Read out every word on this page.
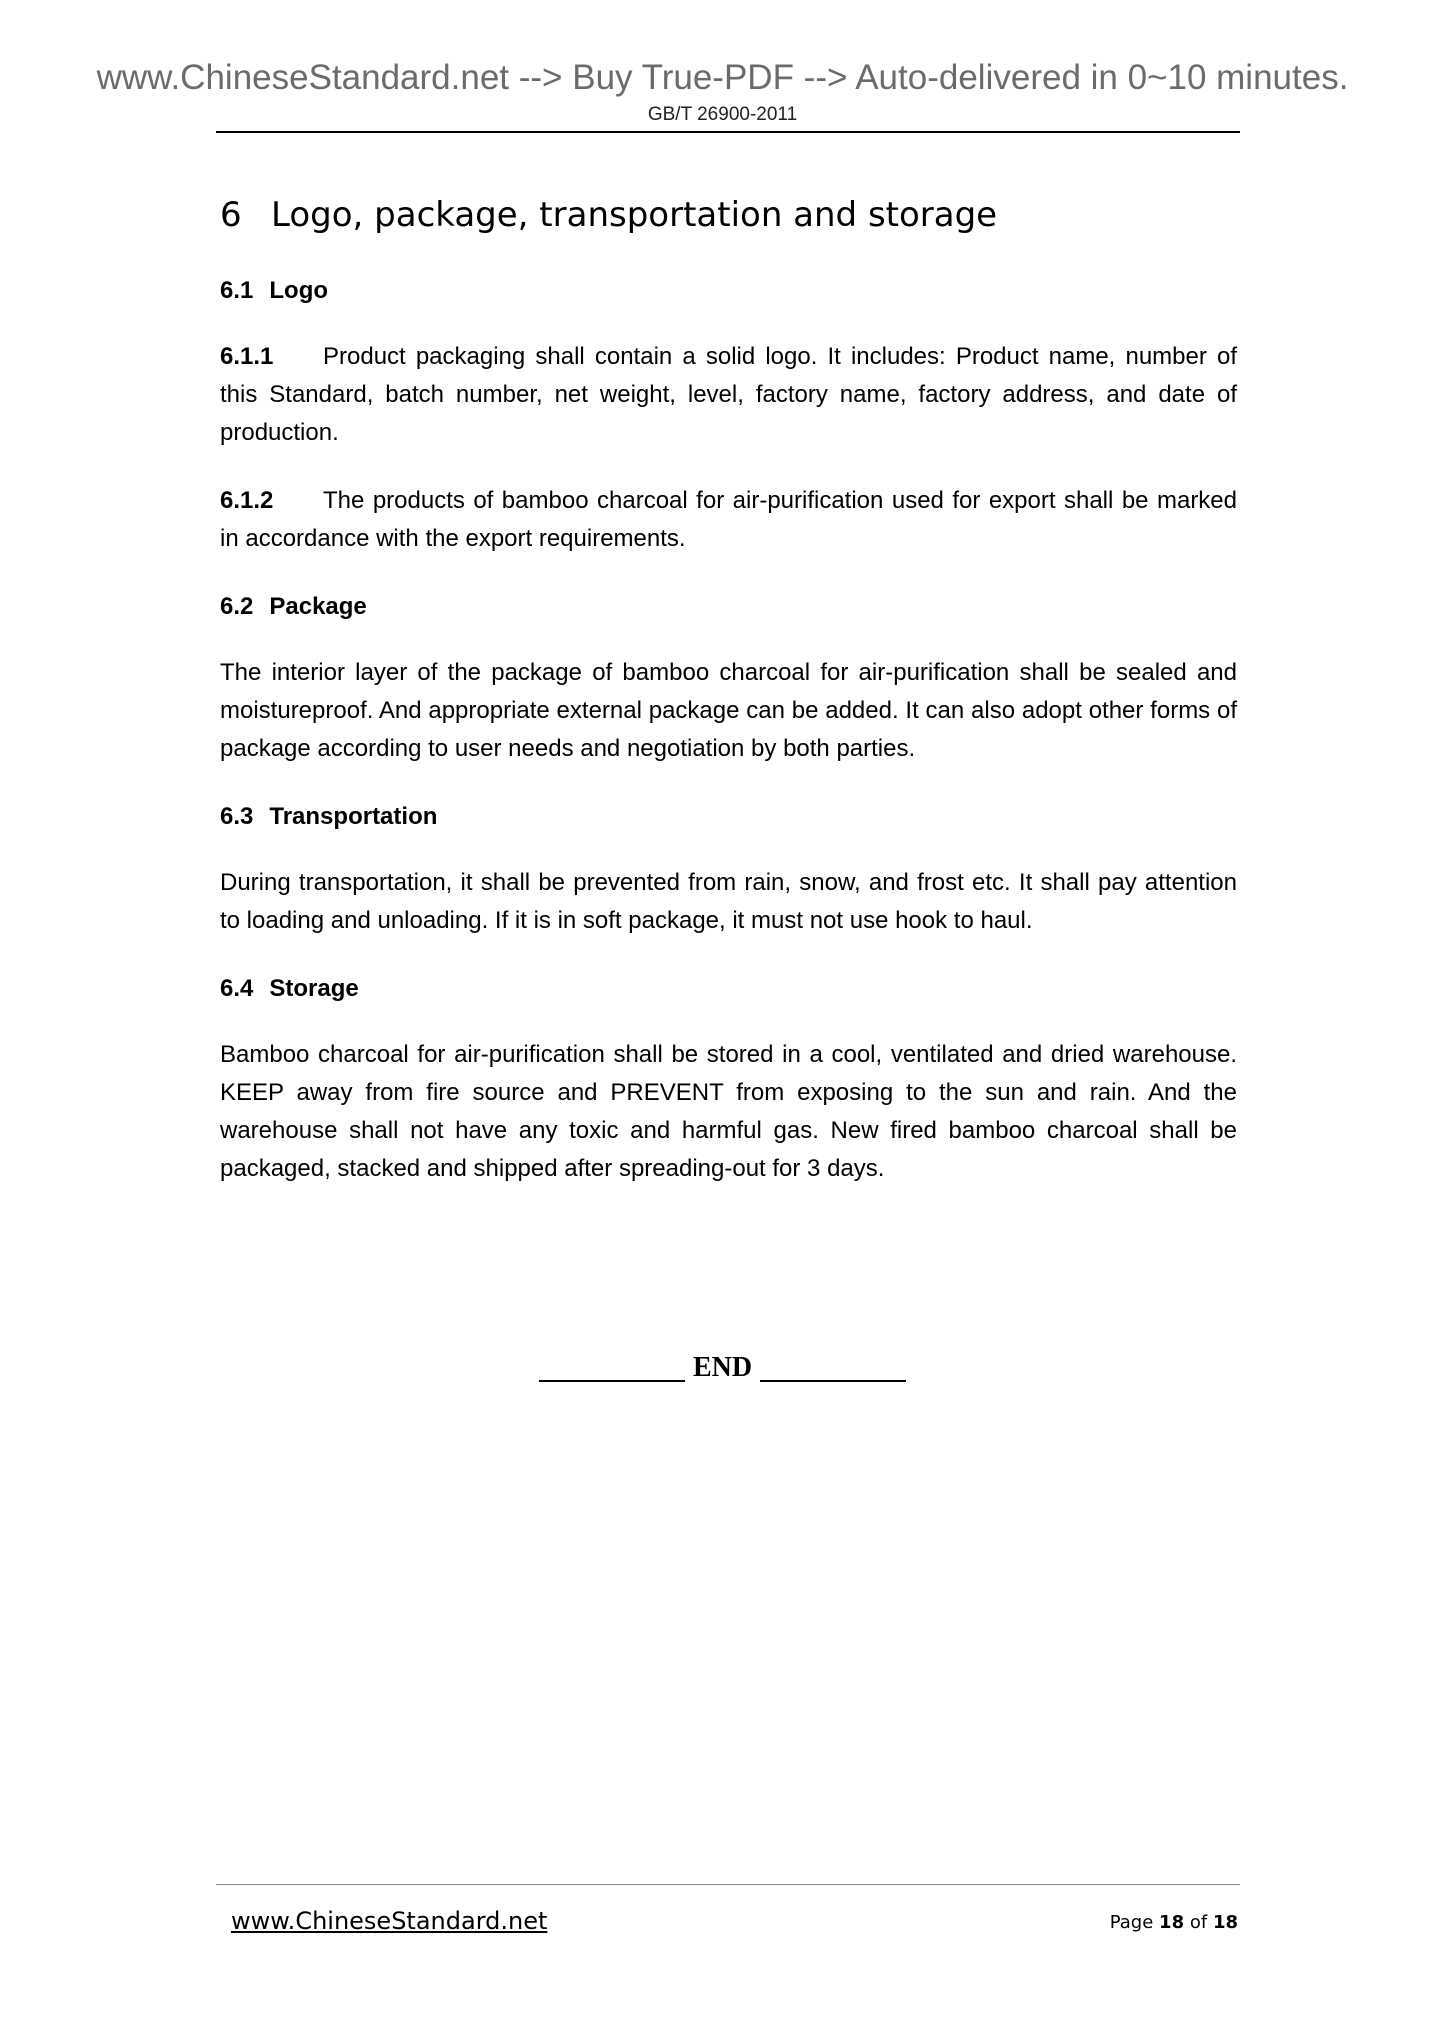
www.ChineseStandard.net --> Buy True-PDF --> Auto-delivered in 0~10 minutes.
GB/T 26900-2011
6 Logo, package, transportation and storage
6.1 Logo

6.1.1 Product packaging shall contain a solid logo. It includes: Product name, number of this Standard, batch number, net weight, level, factory name, factory address, and date of production.

6.1.2 The products of bamboo charcoal for air-purification used for export shall be marked in accordance with the export requirements.

6.2 Package

The interior layer of the package of bamboo charcoal for air-purification shall be sealed and moistureproof. And appropriate external package can be added. It can also adopt other forms of package according to user needs and negotiation by both parties.

6.3 Transportation

During transportation, it shall be prevented from rain, snow, and frost etc. It shall pay attention to loading and unloading. If it is in soft package, it must not use hook to haul.

6.4 Storage

Bamboo charcoal for air-purification shall be stored in a cool, ventilated and dried warehouse. KEEP away from fire source and PREVENT from exposing to the sun and rain. And the warehouse shall not have any toxic and harmful gas. New fired bamboo charcoal shall be packaged, stacked and shipped after spreading-out for 3 days.

END
www.ChineseStandard.net	Page 18 of 18
